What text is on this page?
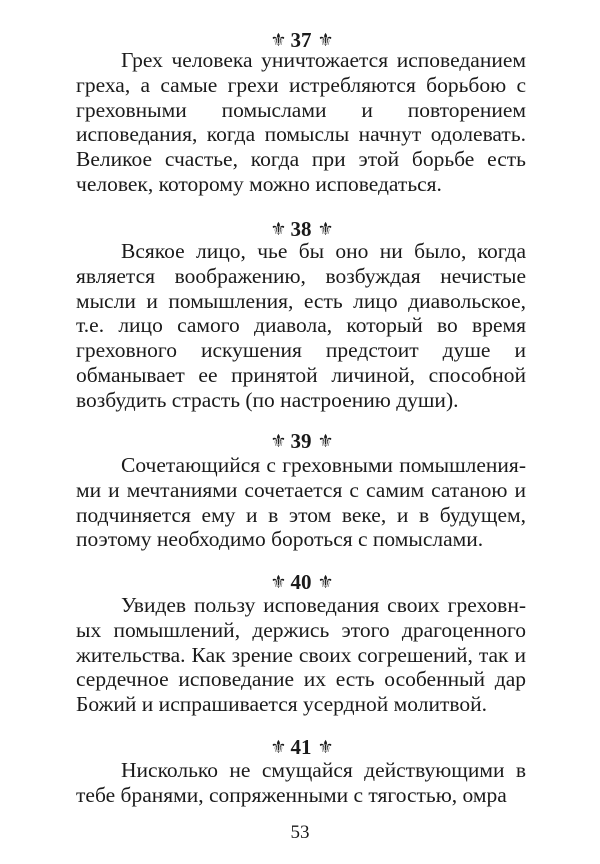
⚜ 37 ⚜
Грех человека уничтожается исповеданием греха, а самые грехи истребляются борьбою с греховными помыслами и повторением исповедания, когда помыслы начнут одолевать. Великое счастье, когда при этой борьбе есть человек, которому можно исповедаться.
⚜ 38 ⚜
Всякое лицо, чье бы оно ни было, когда является воображению, возбуждая нечистые мысли и помышления, есть лицо диавольское, т.е. лицо самого диавола, который во время греховного искушения предстоит душе и обманывает ее принятой личиной, способной возбудить страсть (по настроению души).
⚜ 39 ⚜
Сочетающийся с греховными помышлениями и мечтаниями сочетается с самим сатаною и подчиняется ему и в этом веке, и в будущем, поэтому необходимо бороться с помыслами.
⚜ 40 ⚜
Увидев пользу исповедания своих греховных помышлений, держись этого драгоценного жительства. Как зрение своих согрешений, так и сердечное исповедание их есть особенный дар Божий и испрашивается усердной молитвой.
⚜ 41 ⚜
Нисколько не смущайся действующими в тебе бранями, сопряженными с тягостью, омра
53
